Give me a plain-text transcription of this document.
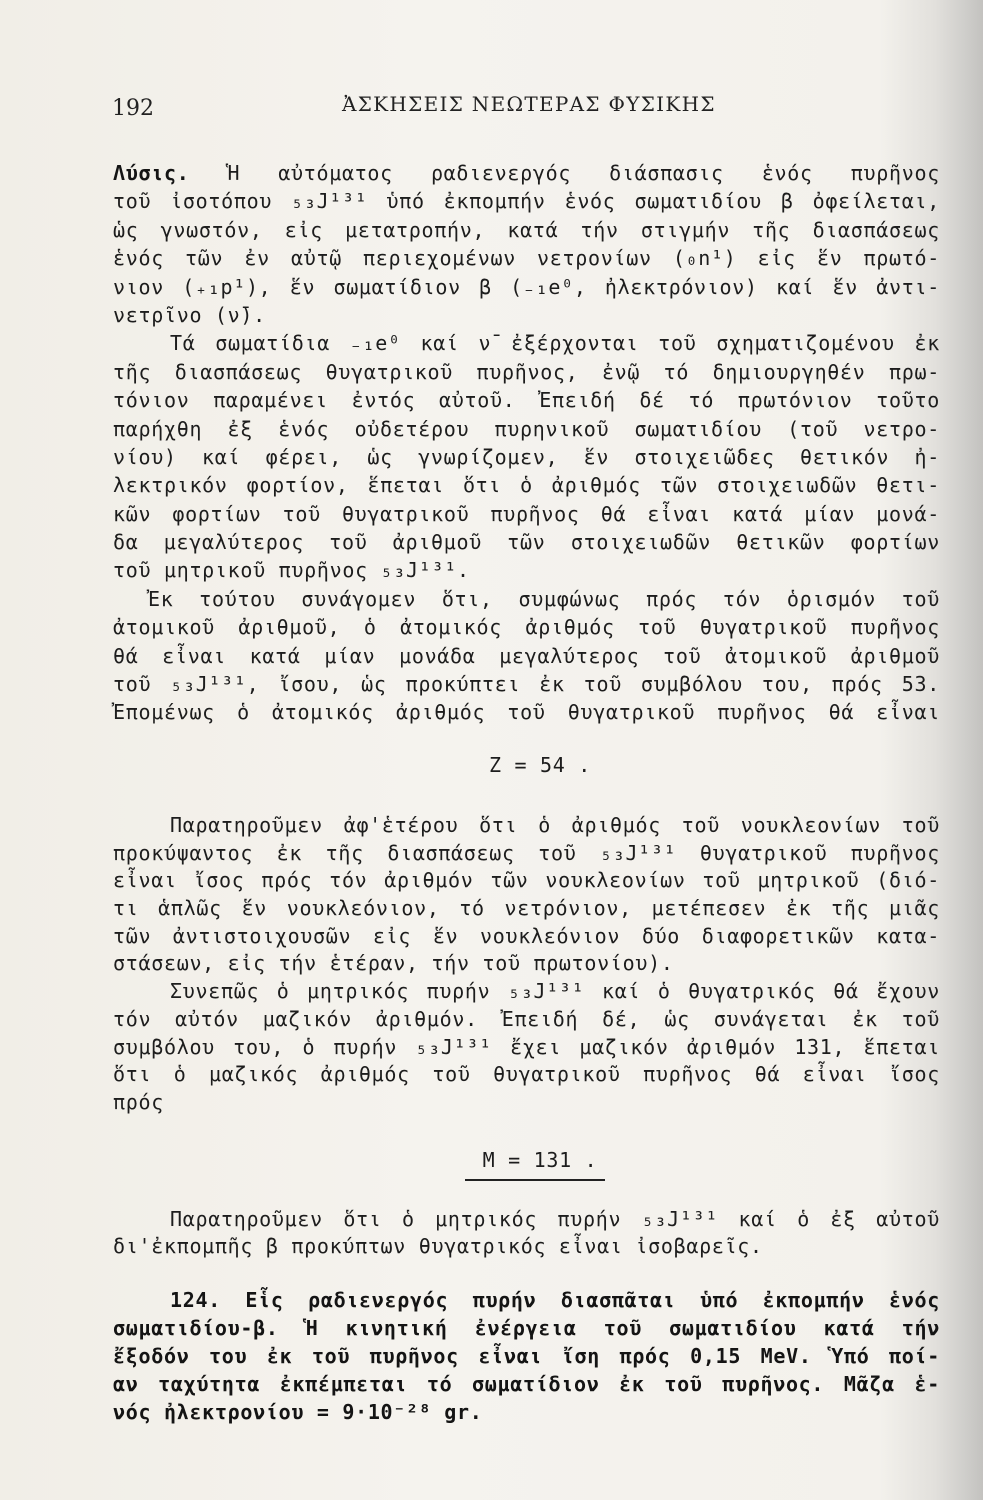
192	ἈΣΚΗΣΕΙΣ ΝΕΩΤΕΡΑΣ ΦΥΣΙΚΗΣ
Λύσις. Ἡ αὐτόματος ραδιενεργός διάσπασις ἑνός πυρῆνος
τοῦ ἰσοτόπου ₅₃J¹³¹ ὑπό ἐκπομπήν ἑνός σωματιδίου β ὀφείλεται,
ὡς γνωστόν, εἰς μετατροπήν, κατά τήν στιγμήν τῆς διασπάσεως
ἑνός τῶν ἐν αὐτῷ περιεχομένων νετρονίων (₀n¹) εἰς ἕν πρωτό-
νιον (₊₁p¹), ἕν σωματίδιον β (₋₁e⁰, ἠλεκτρόνιον) καί ἕν ἀντι-
νετρῖνο (ν̄).
Τά σωματίδια ₋₁e⁰ καί ν̄ ἐξέρχονται τοῦ σχηματιζομένου ἐκ
τῆς διασπάσεως θυγατρικοῦ πυρῆνος, ἐνῷ τό δημιουργηθέν πρω-
τόνιον παραμένει ἐντός αὐτοῦ. Ἐπειδή δέ τό πρωτόνιον τοῦτο
παρήχθη ἐξ ἑνός οὐδετέρου πυρηνικοῦ σωματιδίου (τοῦ νετρο-
νίου) καί φέρει, ὡς γνωρίζομεν, ἕν στοιχειῶδες θετικόν ἠ-
λεκτρικόν φορτίον, ἕπεται ὅτι ὁ ἀριθμός τῶν στοιχειωδῶν θετι-
κῶν φορτίων τοῦ θυγατρικοῦ πυρῆνος θά εἶναι κατά μίαν μονά-
δα μεγαλύτερος τοῦ ἀριθμοῦ τῶν στοιχειωδῶν θετικῶν φορτίων
τοῦ μητρικοῦ πυρῆνος ₅₃J¹³¹.
Ἐκ τούτου συνάγομεν ὅτι, συμφώνως πρός τόν ὁρισμόν τοῦ
ἀτομικοῦ ἀριθμοῦ, ὁ ἀτομικός ἀριθμός τοῦ θυγατρικοῦ πυρῆνος
θά εἶναι κατά μίαν μονάδα μεγαλύτερος τοῦ ἀτομικοῦ ἀριθμοῦ
τοῦ ₅₃J¹³¹, ἴσου, ὡς προκύπτει ἐκ τοῦ συμβόλου του, πρός 53.
Ἐπομένως ὁ ἀτομικός ἀριθμός τοῦ θυγατρικοῦ πυρῆνος θά εἶναι
Z = 54 .
Παρατηροῦμεν ἀφ'ἑτέρου ὅτι ὁ ἀριθμός τοῦ νουκλεονίων τοῦ
προκύψαντος ἐκ τῆς διασπάσεως τοῦ ₅₃J¹³¹ θυγατρικοῦ πυρῆνος
εἶναι ἴσος πρός τόν ἀριθμόν τῶν νουκλεονίων τοῦ μητρικοῦ (διό-
τι ἁπλῶς ἕν νουκλεόνιον, τό νετρόνιον, μετέπεσεν ἐκ τῆς μιᾶς
τῶν ἀντιστοιχουσῶν εἰς ἕν νουκλεόνιον δύο διαφορετικῶν κατα-
στάσεων, εἰς τήν ἑτέραν, τήν τοῦ πρωτονίου).
Συνεπῶς ὁ μητρικός πυρήν ₅₃J¹³¹ καί ὁ θυγατρικός θά ἔχουν
τόν αὐτόν μαζικόν ἀριθμόν. Ἐπειδή δέ, ὡς συνάγεται ἐκ τοῦ
συμβόλου του, ὁ πυρήν ₅₃J¹³¹ ἔχει μαζικόν ἀριθμόν 131, ἕπεται
ὅτι ὁ μαζικός ἀριθμός τοῦ θυγατρικοῦ πυρῆνος θά εἶναι ἴσος
πρός
M = 131 .
Παρατηροῦμεν ὅτι ὁ μητρικός πυρήν ₅₃J¹³¹ καί ὁ ἐξ αὐτοῦ
δι'ἐκπομπῆς β προκύπτων θυγατρικός εἶναι ἰσοβαρεῖς.
124. Εἷς ραδιενεργός πυρήν διασπᾶται ὑπό ἐκπομπήν ἑνός
σωματιδίου-β. Ἡ κινητική ἐνέργεια τοῦ σωματιδίου κατά τήν
ἔξοδόν του ἐκ τοῦ πυρῆνος εἶναι ἴση πρός 0,15 MeV. Ὑπό ποί-
αν ταχύτητα ἐκπέμπεται τό σωματίδιον ἐκ τοῦ πυρῆνος. Μᾶζα ἑ-
νός ἠλεκτρονίου = 9·10⁻²⁸ gr.
